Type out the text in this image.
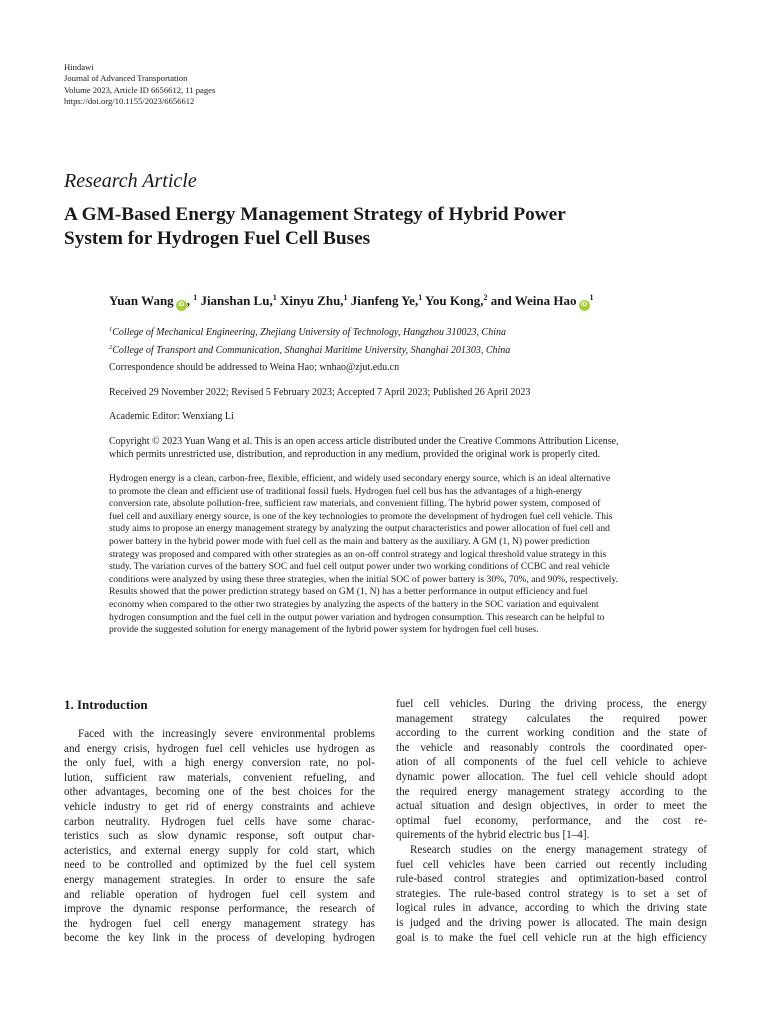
Hindawi
Journal of Advanced Transportation
Volume 2023, Article ID 6656612, 11 pages
https://doi.org/10.1155/2023/6656612
Research Article
A GM-Based Energy Management Strategy of Hybrid Power
System for Hydrogen Fuel Cell Buses
Yuan Wang iD , $^1$ Jianshan Lu,$^1$ Xinyu Zhu,$^1$ Jianfeng Ye,$^1$ You Kong,$^2$ and Weina Hao $iD^1$
$^1$College of Mechanical Engineering, Zhejiang University of Technology, Hangzhou 310023, China
$^2$College of Transport and Communication, Shanghai Maritime University, Shanghai 201303, China
Correspondence should be addressed to Weina Hao; wnhao@zjut.edu.cn
Received 29 November 2022; Revised 5 February 2023; Accepted 7 April 2023; Published 26 April 2023
Academic Editor: Wenxiang Li
Copyright © 2023 Yuan Wang et al. This is an open access article distributed under the Creative Commons Attribution License,
which permits unrestricted use, distribution, and reproduction in any medium, provided the original work is properly cited.
Hydrogen energy is a clean, carbon-free, flexible, efficient, and widely used secondary energy source, which is an ideal alternative
to promote the clean and efficient use of traditional fossil fuels. Hydrogen fuel cell bus has the advantages of a high-energy
conversion rate, absolute pollution-free, sufficient raw materials, and convenient filling. The hybrid power system, composed of
fuel cell and auxiliary energy source, is one of the key technologies to promote the development of hydrogen fuel cell vehicle. This
study aims to propose an energy management strategy by analyzing the output characteristics and power allocation of fuel cell and
power battery in the hybrid power mode with fuel cell as the main and battery as the auxiliary. A GM (1, N) power prediction
strategy was proposed and compared with other strategies as an on-off control strategy and logical threshold value strategy in this
study. The variation curves of the battery SOC and fuel cell output power under two working conditions of CCBC and real vehicle
conditions were analyzed by using these three strategies, when the initial SOC of power battery is 30%, 70%, and 90%, respectively.
Results showed that the power prediction strategy based on GM (1, N) has a better performance in output efficiency and fuel
economy when compared to the other two strategies by analyzing the aspects of the battery in the SOC variation and equivalent
hydrogen consumption and the fuel cell in the output power variation and hydrogen consumption. This research can be helpful to
provide the suggested solution for energy management of the hybrid power system for hydrogen fuel cell buses.
1. Introduction
Faced with the increasingly severe environmental problems
and energy crisis, hydrogen fuel cell vehicles use hydrogen as
the only fuel, with a high energy conversion rate, no pol-
lution, sufficient raw materials, convenient refueling, and
other advantages, becoming one of the best choices for the
vehicle industry to get rid of energy constraints and achieve
carbon neutrality. Hydrogen fuel cells have some charac-
teristics such as slow dynamic response, soft output char-
acteristics, and external energy supply for cold start, which
need to be controlled and optimized by the fuel cell system
energy management strategies. In order to ensure the safe
and reliable operation of hydrogen fuel cell system and
improve the dynamic response performance, the research of
the hydrogen fuel cell energy management strategy has
become the key link in the process of developing hydrogen
fuel cell vehicles. During the driving process, the energy
management strategy calculates the required power
according to the current working condition and the state of
the vehicle and reasonably controls the coordinated oper-
ation of all components of the fuel cell vehicle to achieve
dynamic power allocation. The fuel cell vehicle should adopt
the required energy management strategy according to the
actual situation and design objectives, in order to meet the
optimal fuel economy, performance, and the cost re-
quirements of the hybrid electric bus [1–4].
Research studies on the energy management strategy of
fuel cell vehicles have been carried out recently including
rule-based control strategies and optimization-based control
strategies. The rule-based control strategy is to set a set of
logical rules in advance, according to which the driving state
is judged and the driving power is allocated. The main design
goal is to make the fuel cell vehicle run at the high efficiency
